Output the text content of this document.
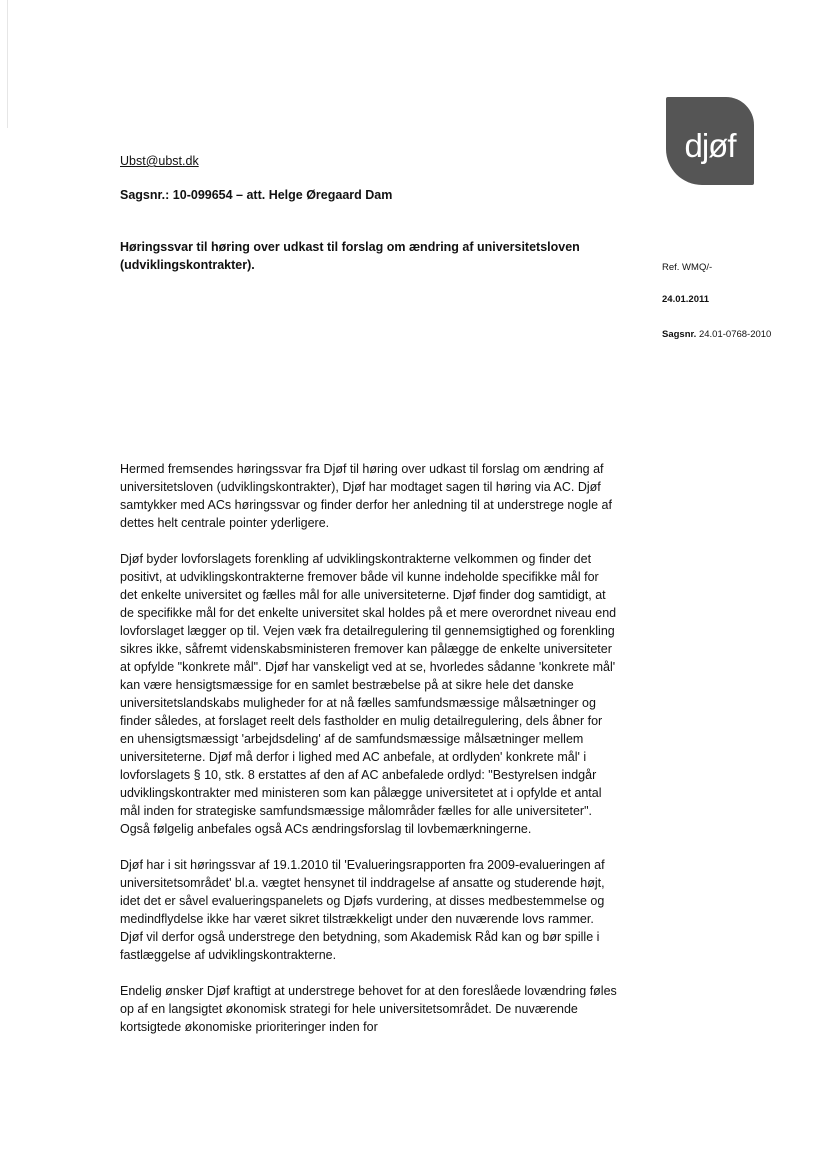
djøf
Ubst@ubst.dk
Sagsnr.: 10-099654 – att. Helge Øregaard Dam
Høringssvar til høring over udkast til forslag om ændring af universitetsloven (udviklingskontrakter).	Ref. WMQ/-
24.01.2011
Sagsnr. 24.01-0768-2010

Hermed fremsendes høringssvar fra Djøf til høring over udkast til forslag om ændring af universitetsloven (udviklingskontrakter), Djøf har modtaget sagen til høring via AC. Djøf samtykker med ACs høringssvar og finder derfor her anledning til at understrege nogle af dettes helt centrale pointer yderligere.

Djøf byder lovforslagets forenkling af udviklingskontrakterne velkommen og finder det positivt, at udviklingskontrakterne fremover både vil kunne indeholde specifikke mål for det enkelte universitet og fælles mål for alle universiteterne. Djøf finder dog samtidigt, at de specifikke mål for det enkelte universitet skal holdes på et mere overordnet niveau end lovforslaget lægger op til. Vejen væk fra detailregulering til gennemsigtighed og forenkling sikres ikke, såfremt videnskabsministeren fremover kan pålægge de enkelte universiteter at opfylde "konkrete mål". Djøf har vanskeligt ved at se, hvorledes sådanne 'konkrete mål' kan være hensigtsmæssige for en samlet bestræbelse på at sikre hele det danske universitetslandskabs muligheder for at nå fælles samfundsmæssige målsætninger og finder således, at forslaget reelt dels fastholder en mulig detailregulering, dels åbner for en uhensigtsmæssigt 'arbejdsdeling' af de samfundsmæssige målsætninger mellem universiteterne. Djøf må derfor i lighed med AC anbefale, at ordlyden' konkrete mål' i lovforslagets § 10, stk. 8 erstattes af den af AC anbefalede ordlyd: "Bestyrelsen indgår udviklingskontrakter med ministeren som kan pålægge universitetet at i opfylde et antal mål inden for strategiske samfundsmæssige målområder fælles for alle universiteter". Også følgelig anbefales også ACs ændringsforslag til lovbemærkningerne.

Djøf har i sit høringssvar af 19.1.2010 til 'Evalueringsrapporten fra 2009-evalueringen af universitetsområdet' bl.a. vægtet hensynet til inddragelse af ansatte og studerende højt, idet det er såvel evalueringspanelets og Djøfs vurdering, at disses medbestemmelse og medindflydelse ikke har været sikret tilstrækkeligt under den nuværende lovs rammer. Djøf vil derfor også understrege den betydning, som Akademisk Råd kan og bør spille i fastlæggelse af udviklingskontrakterne.

Endelig ønsker Djøf kraftigt at understrege behovet for at den foreslåede lovændring føles op af en langsigtet økonomisk strategi for hele universitetsområdet. De nuværende kortsigtede økonomiske prioriteringer inden for
